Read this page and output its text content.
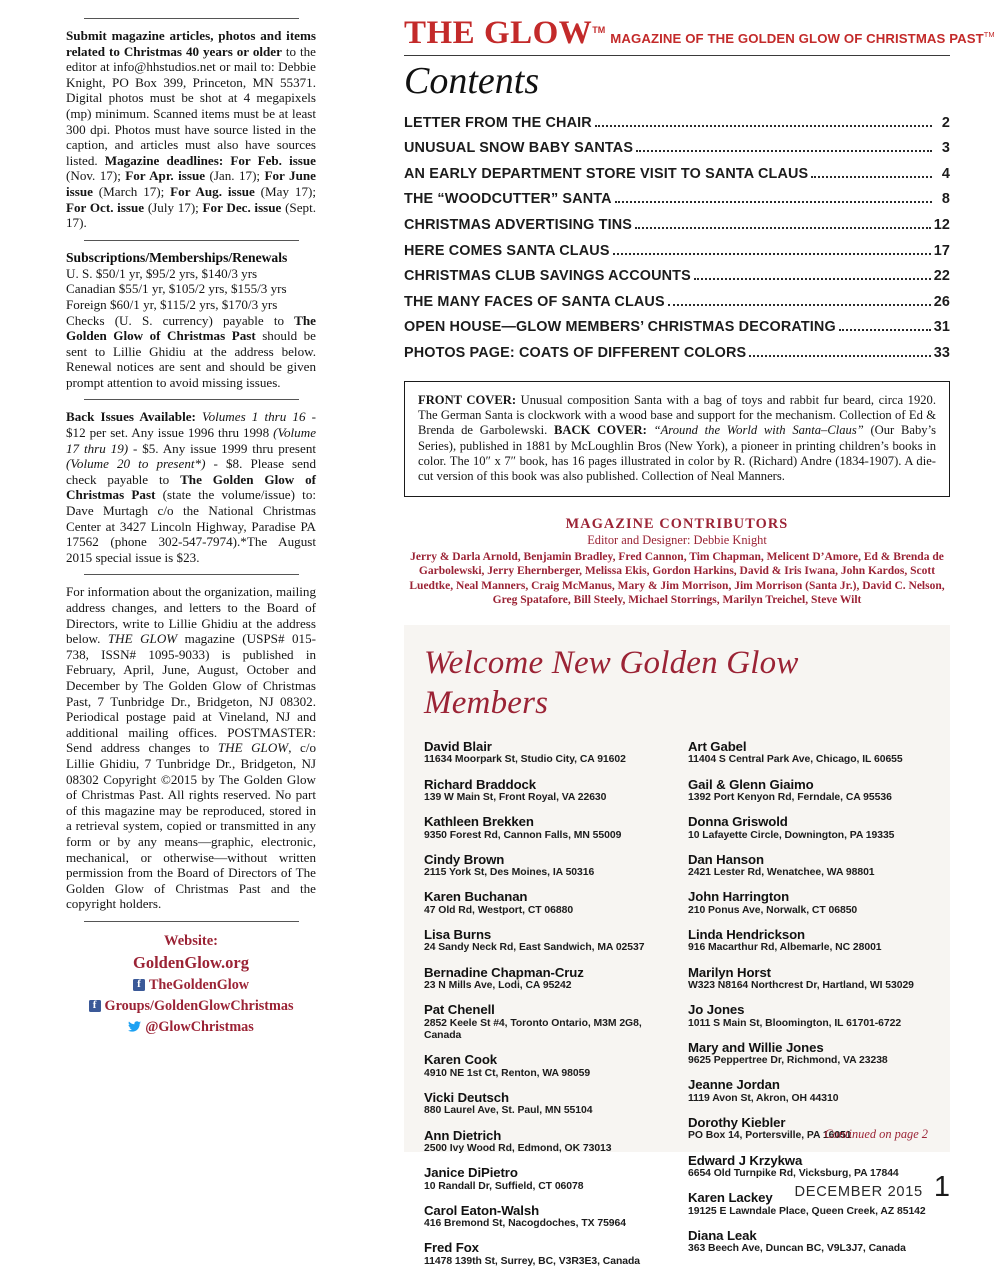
Submit magazine articles, photos and items related to Christmas 40 years or older to the editor at info@hhstudios.net or mail to: Debbie Knight, PO Box 399, Princeton, MN 55371. Digital photos must be shot at 4 megapixels (mp) minimum. Scanned items must be at least 300 dpi. Photos must have source listed in the caption, and articles must also have sources listed. Magazine deadlines: For Feb. issue (Nov. 17); For Apr. issue (Jan. 17); For June issue (March 17); For Aug. issue (May 17); For Oct. issue (July 17); For Dec. issue (Sept. 17).
Subscriptions/Memberships/Renewals
U. S. $50/1 yr, $95/2 yrs, $140/3 yrs
Canadian $55/1 yr, $105/2 yrs, $155/3 yrs
Foreign $60/1 yr, $115/2 yrs, $170/3 yrs
Checks (U. S. currency) payable to The Golden Glow of Christmas Past should be sent to Lillie Ghidiu at the address below. Renewal notices are sent and should be given prompt attention to avoid missing issues.
Back Issues Available: Volumes 1 thru 16 - $12 per set. Any issue 1996 thru 1998 (Volume 17 thru 19) - $5. Any issue 1999 thru present (Volume 20 to present*) - $8. Please send check payable to The Golden Glow of Christmas Past (state the volume/issue) to: Dave Murtagh c/o the National Christmas Center at 3427 Lincoln Highway, Paradise PA 17562 (phone 302-547-7974).*The August 2015 special issue is $23.
For information about the organization, mailing address changes, and letters to the Board of Directors, write to Lillie Ghidiu at the address below. THE GLOW magazine (USPS# 015-738, ISSN# 1095-9033) is published in February, April, June, August, October and December by The Golden Glow of Christmas Past, 7 Tunbridge Dr., Bridgeton, NJ 08302. Periodical postage paid at Vineland, NJ and additional mailing offices. POSTMASTER: Send address changes to THE GLOW, c/o Lillie Ghidiu, 7 Tunbridge Dr., Bridgeton, NJ 08302 Copyright ©2015 by The Golden Glow of Christmas Past. All rights reserved. No part of this magazine may be reproduced, stored in a retrieval system, copied or transmitted in any form or by any means—graphic, electronic, mechanical, or otherwise—without written permission from the Board of Directors of The Golden Glow of Christmas Past and the copyright holders.
Website:
GoldenGlow.org
f
TheGoldenGlow
f
Groups/GoldenGlowChristmas
@GlowChristmas
THE GLOW TM
MAGAZINE OF THE GOLDEN GLOW OF CHRISTMAS PAST TM
Contents
LETTER FROM THE CHAIR	2
UNUSUAL SNOW BABY SANTAS	3
AN EARLY DEPARTMENT STORE VISIT TO SANTA CLAUS	4
THE “WOODCUTTER” SANTA	8
CHRISTMAS ADVERTISING TINS	12
HERE COMES SANTA CLAUS	17
CHRISTMAS CLUB SAVINGS ACCOUNTS	22
THE MANY FACES OF SANTA CLAUS	26
OPEN HOUSE—GLOW MEMBERS’ CHRISTMAS DECORATING	31
PHOTOS PAGE: COATS OF DIFFERENT COLORS	33
FRONT COVER: Unusual composition Santa with a bag of toys and rabbit fur beard, circa 1920. The German Santa is clockwork with a wood base and support for the mechanism. Collection of Ed & Brenda de Garbolewski. BACK COVER: “Around the World with Santa–Claus” (Our Baby’s Series), published in 1881 by McLoughlin Bros (New York), a pioneer in printing children’s books in color. The 10″ x 7″ book, has 16 pages illustrated in color by R. (Richard) Andre (1834-1907). A die-cut version of this book was also published. Collection of Neal Manners.
MAGAZINE CONTRIBUTORS
Editor and Designer: Debbie Knight
Jerry & Darla Arnold, Benjamin Bradley, Fred Cannon, Tim Chapman, Melicent D’Amore, Ed & Brenda de Garbolewski, Jerry Ehernberger, Melissa Ekis, Gordon Harkins, David & Iris Iwana, John Kardos, Scott Luedtke, Neal Manners, Craig McManus, Mary & Jim Morrison, Jim Morrison (Santa Jr.), David C. Nelson, Greg Spatafore, Bill Steely, Michael Storrings, Marilyn Treichel, Steve Wilt
Welcome New Golden Glow Members
David Blair
11634 Moorpark St, Studio City, CA 91602
Richard Braddock
139 W Main St, Front Royal, VA 22630
Kathleen Brekken
9350 Forest Rd, Cannon Falls, MN 55009
Cindy Brown
2115 York St, Des Moines, IA 50316
Karen Buchanan
47 Old Rd, Westport, CT 06880
Lisa Burns
24 Sandy Neck Rd, East Sandwich, MA 02537
Bernadine Chapman-Cruz
23 N Mills Ave, Lodi, CA 95242
Pat Chenell
2852 Keele St #4, Toronto Ontario, M3M 2G8, Canada
Karen Cook
4910 NE 1st Ct, Renton, WA 98059
Vicki Deutsch
880 Laurel Ave, St. Paul, MN 55104
Ann Dietrich
2500 Ivy Wood Rd, Edmond, OK 73013
Janice DiPietro
10 Randall Dr, Suffield, CT 06078
Carol Eaton-Walsh
416 Bremond St, Nacogdoches, TX 75964
Fred Fox
11478 139th St, Surrey, BC, V3R3E3, Canada
Art Gabel
11404 S Central Park Ave, Chicago, IL 60655
Gail & Glenn Giaimo
1392 Port Kenyon Rd, Ferndale, CA 95536
Donna Griswold
10 Lafayette Circle, Downington, PA 19335
Dan Hanson
2421 Lester Rd, Wenatchee, WA 98801
John Harrington
210 Ponus Ave, Norwalk, CT 06850
Linda Hendrickson
916 Macarthur Rd, Albemarle, NC 28001
Marilyn Horst
W323 N8164 Northcrest Dr, Hartland, WI 53029
Jo Jones
1011 S Main St, Bloomington, IL 61701-6722
Mary and Willie Jones
9625 Peppertree Dr, Richmond, VA 23238
Jeanne Jordan
1119 Avon St, Akron, OH 44310
Dorothy Kiebler
PO Box 14, Portersville, PA 16051
Edward J Krzykwa
6654 Old Turnpike Rd, Vicksburg, PA 17844
Karen Lackey
19125 E Lawndale Place, Queen Creek, AZ 85142
Diana Leak
363 Beech Ave, Duncan BC, V9L3J7, Canada
Continued on page 2
DECEMBER 2015 1
